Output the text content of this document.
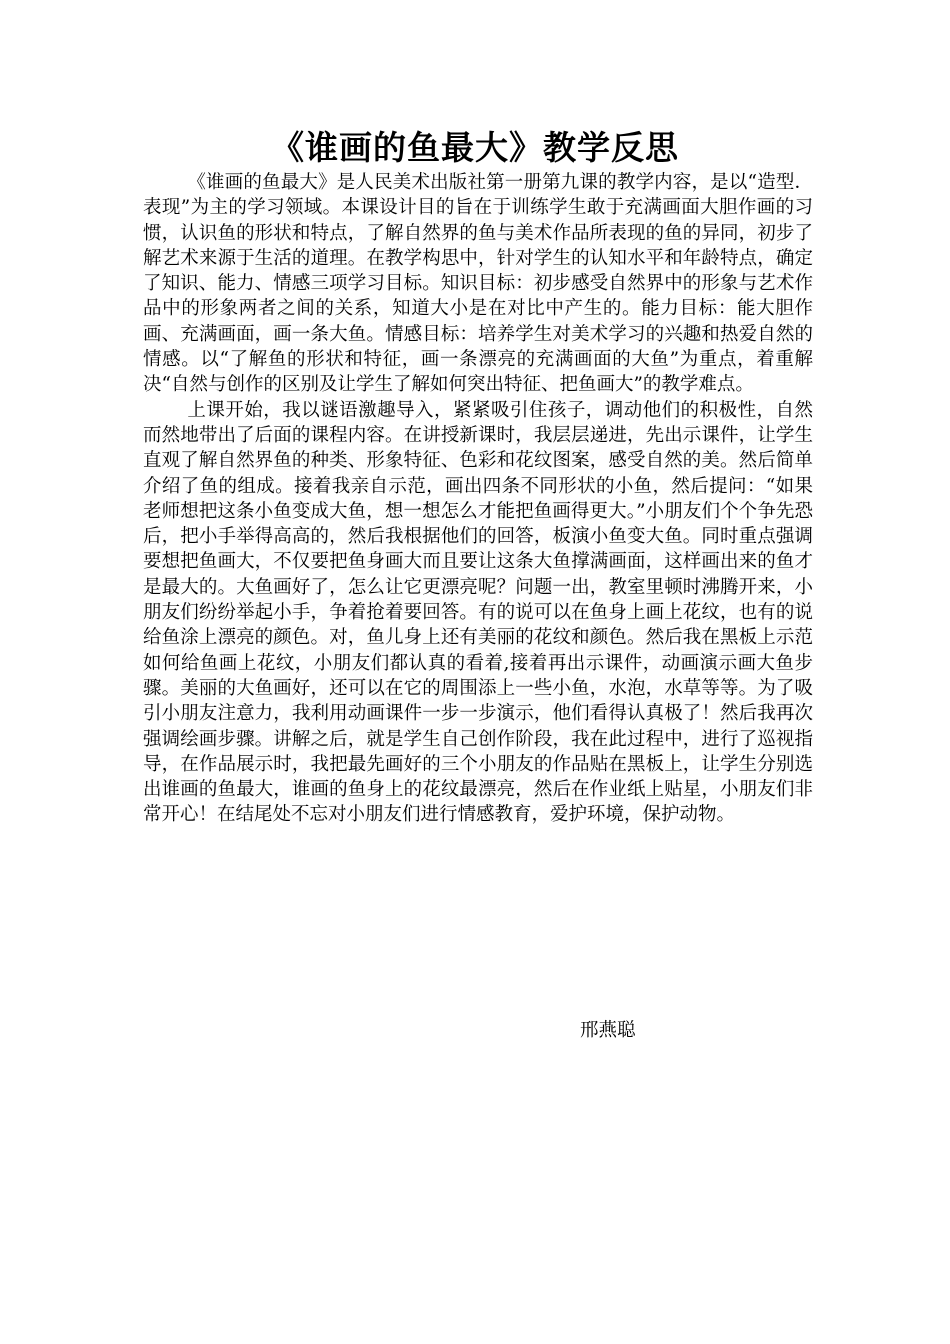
《谁画的鱼最大》教学反思

《谁画的鱼最大》是人民美术出版社第一册第九课的教学内容，是以“造型．表现”为主的学习领域。本课设计目的旨在于训练学生敢于充满画面大胆作画的习惯，认识鱼的形状和特点，了解自然界的鱼与美术作品所表现的鱼的异同，初步了解艺术来源于生活的道理。在教学构思中，针对学生的认知水平和年龄特点，确定了知识、能力、情感三项学习目标。知识目标：初步感受自然界中的形象与艺术作品中的形象两者之间的关系，知道大小是在对比中产生的。能力目标：能大胆作画、充满画面，画一条大鱼。情感目标：培养学生对美术学习的兴趣和热爱自然的情感。以“了解鱼的形状和特征，画一条漂亮的充满画面的大鱼”为重点，着重解决“自然与创作的区别及让学生了解如何突出特征、把鱼画大”的教学难点。

上课开始，我以谜语激趣导入，紧紧吸引住孩子，调动他们的积极性，自然而然地带出了后面的课程内容。在讲授新课时，我层层递进，先出示课件，让学生直观了解自然界鱼的种类、形象特征、色彩和花纹图案，感受自然的美。然后简单介绍了鱼的组成。接着我亲自示范，画出四条不同形状的小鱼，然后提问：“如果老师想把这条小鱼变成大鱼，想一想怎么才能把鱼画得更大。”小朋友们个个争先恐后，把小手举得高高的，然后我根据他们的回答，板演小鱼变大鱼。同时重点强调要想把鱼画大，不仅要把鱼身画大而且要让这条大鱼撑满画面，这样画出来的鱼才是最大的。大鱼画好了，怎么让它更漂亮呢？问题一出，教室里顿时沸腾开来，小朋友们纷纷举起小手，争着抢着要回答。有的说可以在鱼身上画上花纹，也有的说给鱼涂上漂亮的颜色。对，鱼儿身上还有美丽的花纹和颜色。然后我在黑板上示范如何给鱼画上花纹，小朋友们都认真的看着,接着再出示课件，动画演示画大鱼步骤。美丽的大鱼画好，还可以在它的周围添上一些小鱼，水泡，水草等等。为了吸引小朋友注意力，我利用动画课件一步一步演示，他们看得认真极了！然后我再次强调绘画步骤。讲解之后，就是学生自己创作阶段，我在此过程中，进行了巡视指导，在作品展示时，我把最先画好的三个小朋友的作品贴在黑板上，让学生分别选出谁画的鱼最大，谁画的鱼身上的花纹最漂亮，然后在作业纸上贴星，小朋友们非常开心！在结尾处不忘对小朋友们进行情感教育，爱护环境，保护动物。

邢燕聪
